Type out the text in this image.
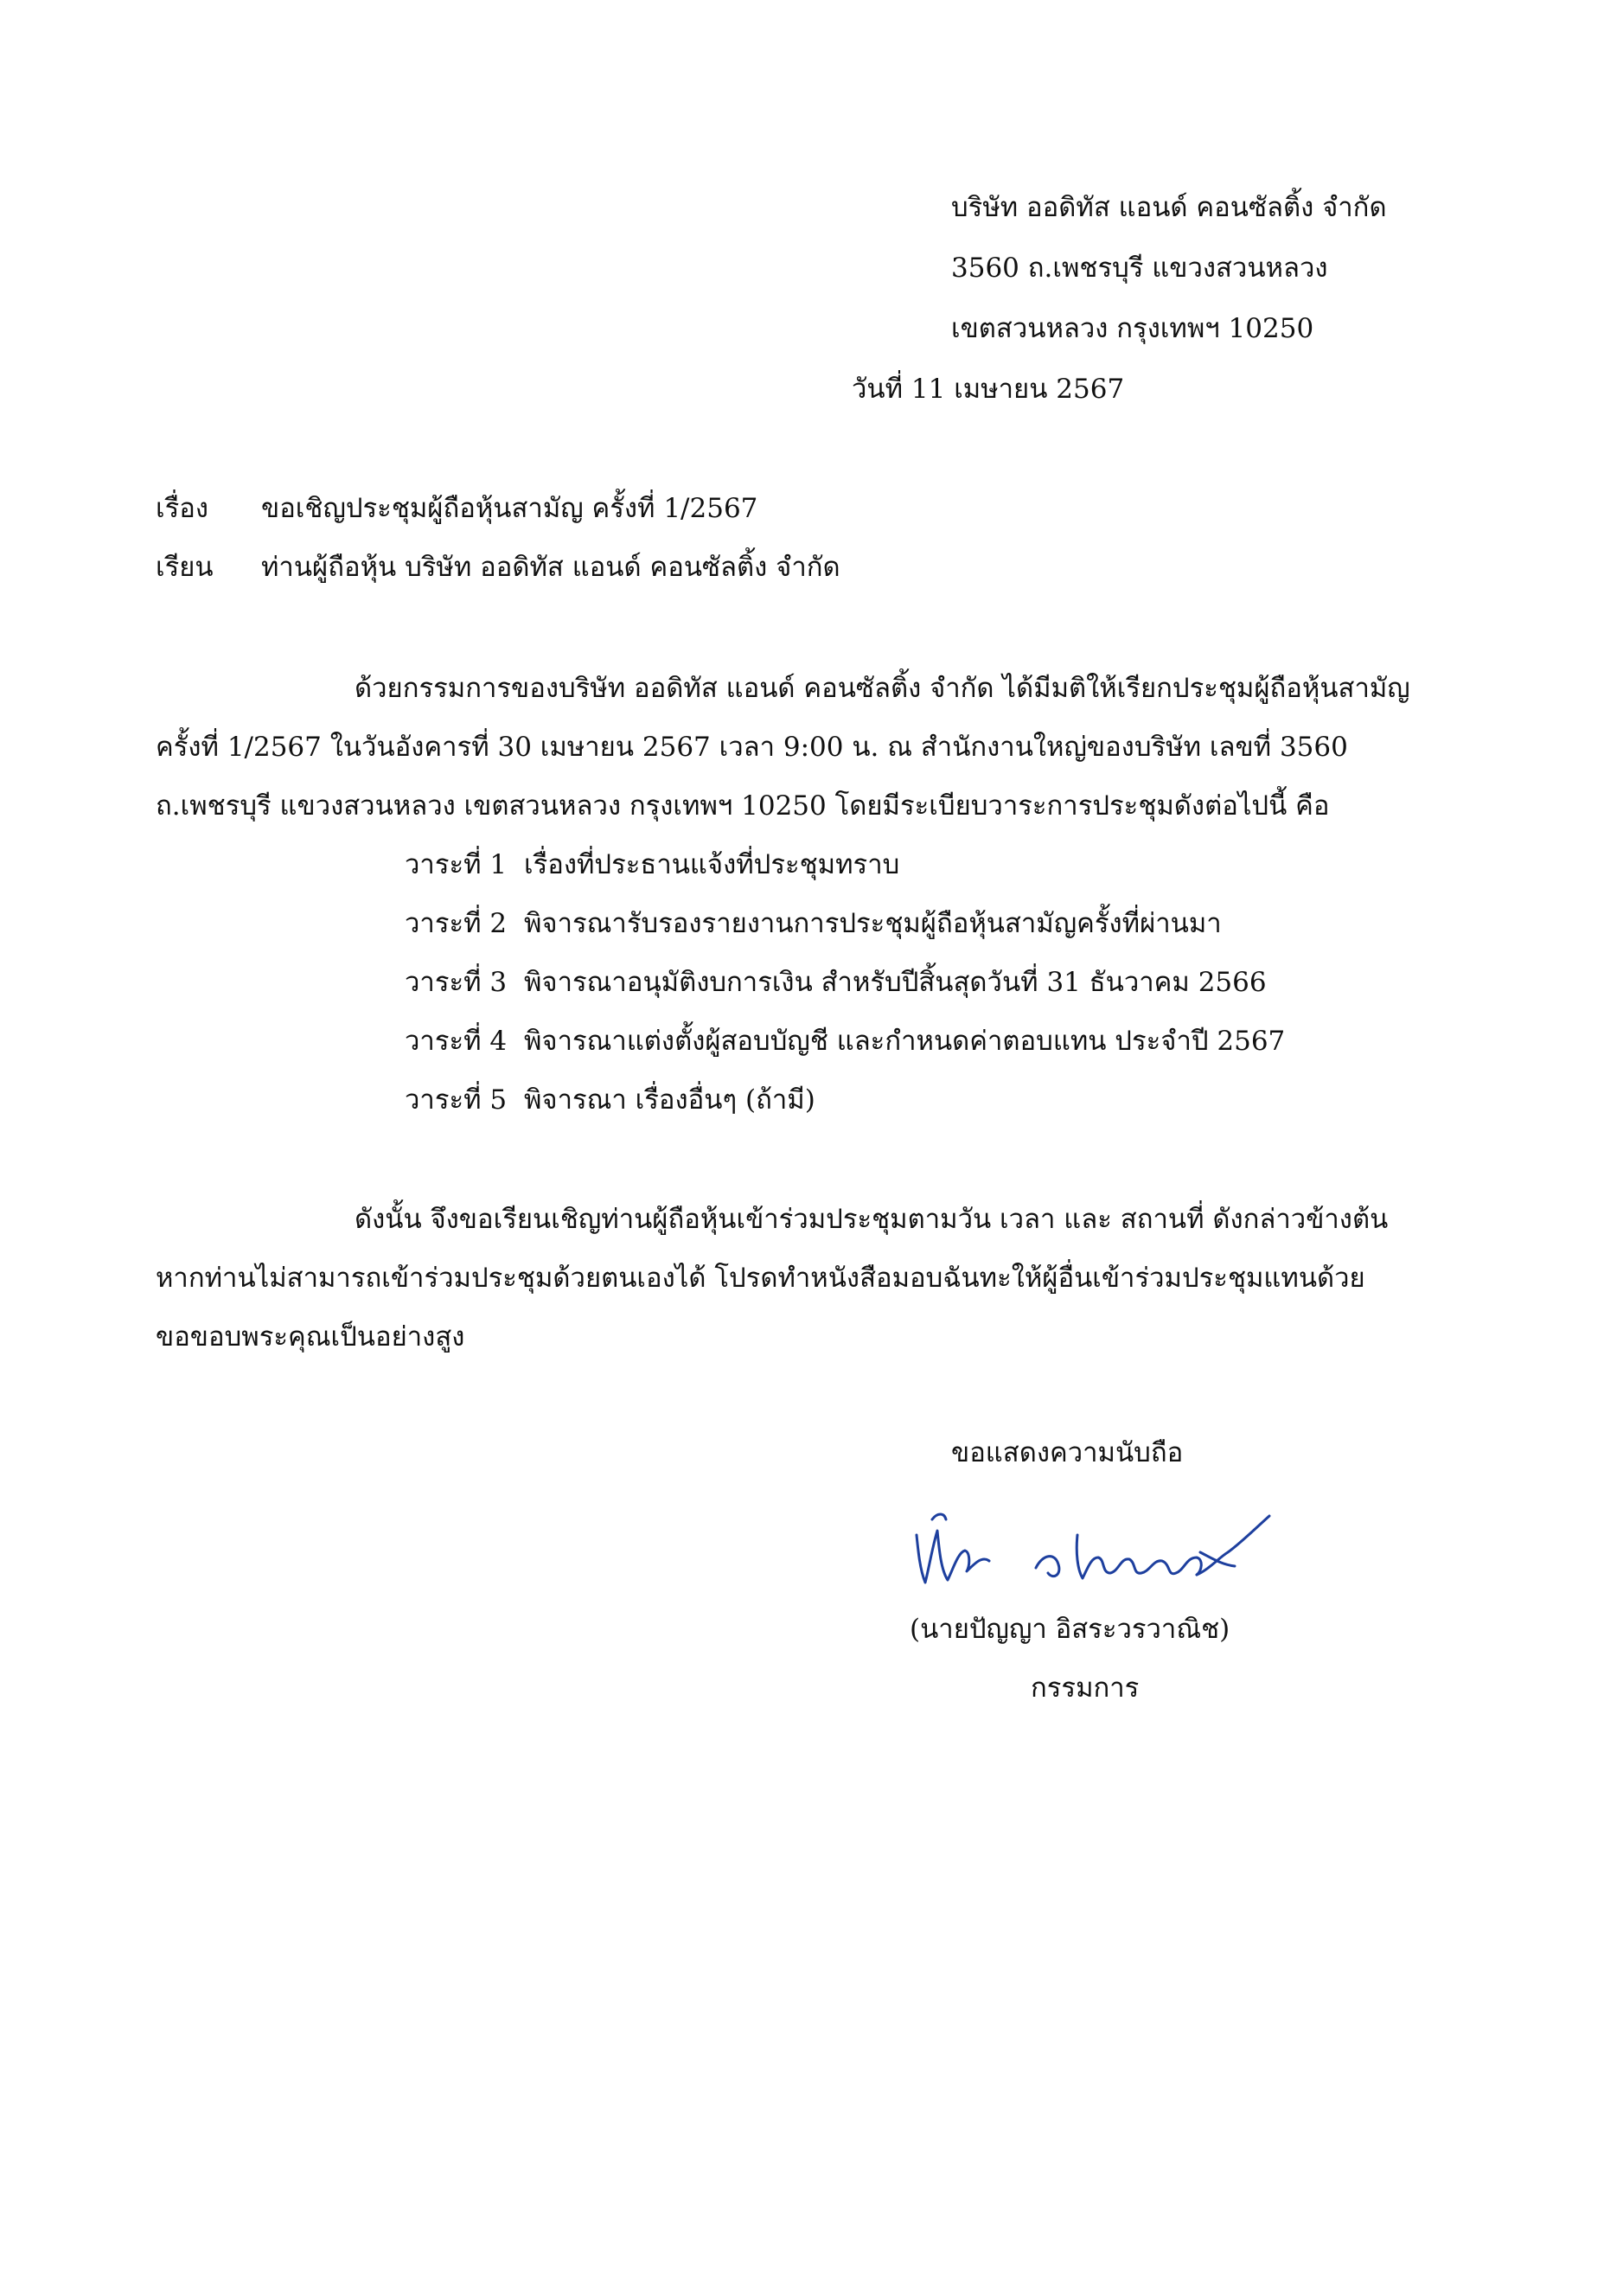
บริษัท ออดิทัส แอนด์ คอนซัลติ้ง จำกัด
3560 ถ.เพชรบุรี แขวงสวนหลวง
เขตสวนหลวง กรุงเทพฯ 10250
วันที่ 11 เมษายน 2567
เรื่อง ขอเชิญประชุมผู้ถือหุ้นสามัญ ครั้งที่ 1/2567
เรียน ท่านผู้ถือหุ้น บริษัท ออดิทัส แอนด์ คอนซัลติ้ง จำกัด
ด้วยกรรมการของบริษัท ออดิทัส แอนด์ คอนซัลติ้ง จำกัด ได้มีมติให้เรียกประชุมผู้ถือหุ้นสามัญ
ครั้งที่ 1/2567 ในวันอังคารที่ 30 เมษายน 2567 เวลา 9:00 น. ณ สำนักงานใหญ่ของบริษัท เลขที่ 3560
ถ.เพชรบุรี แขวงสวนหลวง เขตสวนหลวง กรุงเทพฯ 10250 โดยมีระเบียบวาระการประชุมดังต่อไปนี้ คือ
วาระที่ 1 เรื่องที่ประธานแจ้งที่ประชุมทราบ
วาระที่ 2 พิจารณารับรองรายงานการประชุมผู้ถือหุ้นสามัญครั้งที่ผ่านมา
วาระที่ 3 พิจารณาอนุมัติงบการเงิน สำหรับปีสิ้นสุดวันที่ 31 ธันวาคม 2566
วาระที่ 4 พิจารณาแต่งตั้งผู้สอบบัญชี และกำหนดค่าตอบแทน ประจำปี 2567
วาระที่ 5 พิจารณา เรื่องอื่นๆ (ถ้ามี)
ดังนั้น จึงขอเรียนเชิญท่านผู้ถือหุ้นเข้าร่วมประชุมตามวัน เวลา และ สถานที่ ดังกล่าวข้างต้น
หากท่านไม่สามารถเข้าร่วมประชุมด้วยตนเองได้ โปรดทำหนังสือมอบฉันทะให้ผู้อื่นเข้าร่วมประชุมแทนด้วย
ขอขอบพระคุณเป็นอย่างสูง
ขอแสดงความนับถือ
(นายปัญญา อิสระวรวาณิช)
กรรมการ
